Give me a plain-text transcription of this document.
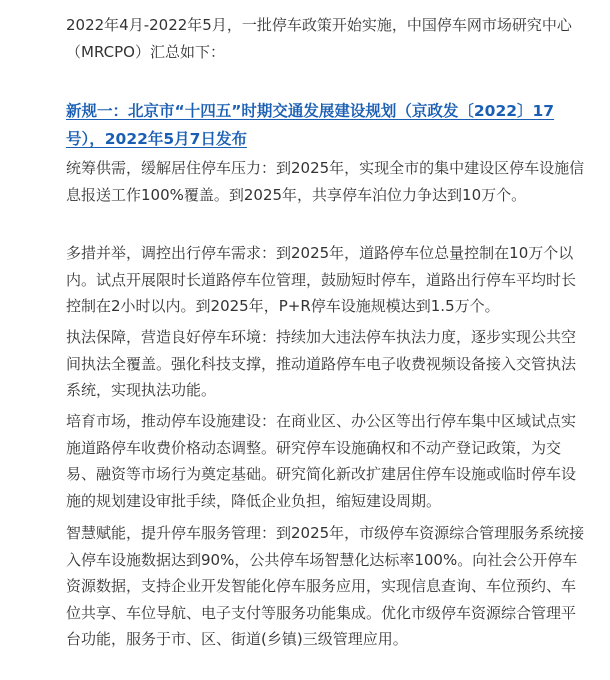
2022年4月-2022年5月，一批停车政策开始实施，中国停车网市场研究中心（MRCPO）汇总如下：

新规一：北京市“十四五”时期交通发展建设规划（京政发〔2022〕17号），2022年5月7日发布

统筹供需，缓解居住停车压力：到2025年，实现全市的集中建设区停车设施信息报送工作100%覆盖。到2025年，共享停车泊位力争达到10万个。

多措并举，调控出行停车需求：到2025年，道路停车位总量控制在10万个以内。试点开展限时长道路停车位管理，鼓励短时停车，道路出行停车平均时长控制在2小时以内。到2025年，P+R停车设施规模达到1.5万个。

执法保障，营造良好停车环境：持续加大违法停车执法力度，逐步实现公共空间执法全覆盖。强化科技支撑，推动道路停车电子收费视频设备接入交管执法系统，实现执法功能。

培育市场，推动停车设施建设：在商业区、办公区等出行停车集中区域试点实施道路停车收费价格动态调整。研究停车设施确权和不动产登记政策，为交易、融资等市场行为奠定基础。研究简化新改扩建居住停车设施或临时停车设施的规划建设审批手续，降低企业负担，缩短建设周期。

智慧赋能，提升停车服务管理：到2025年，市级停车资源综合管理服务系统接入停车设施数据达到90%，公共停车场智慧化达标率100%。向社会公开停车资源数据，支持企业开发智能化停车服务应用，实现信息查询、车位预约、车位共享、车位导航、电子支付等服务功能集成。优化市级停车资源综合管理平台功能，服务于市、区、街道(乡镇)三级管理应用。
